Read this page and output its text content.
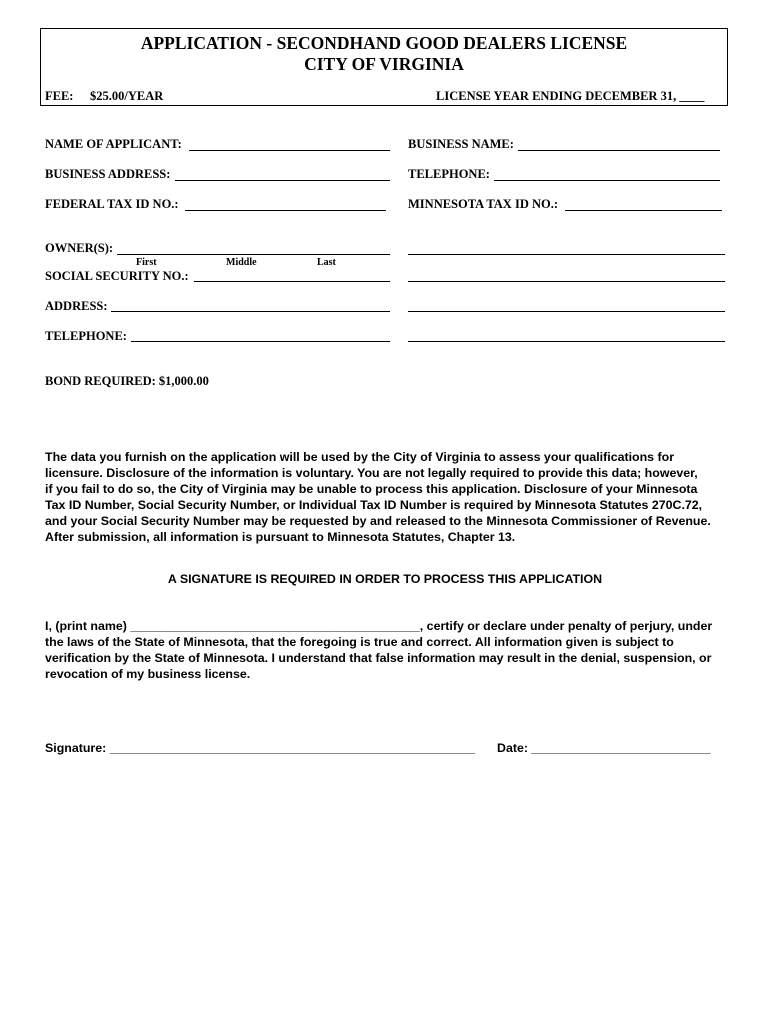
APPLICATION - SECONDHAND GOOD DEALERS LICENSE
CITY OF VIRGINIA
FEE: $25.00/YEAR	LICENSE YEAR ENDING DECEMBER 31, ____
NAME OF APPLICANT:	BUSINESS NAME:
BUSINESS ADDRESS:	TELEPHONE:
FEDERAL TAX ID NO.:	MINNESOTA TAX ID NO.:
OWNER(S):
First	Middle	Last
SOCIAL SECURITY NO.:
ADDRESS:
TELEPHONE:
BOND REQUIRED: $1,000.00

The data you furnish on the application will be used by the City of Virginia to assess your qualifications for

licensure. Disclosure of the information is voluntary. You are not legally required to provide this data; however,

if you fail to do so, the City of Virginia may be unable to process this application. Disclosure of your Minnesota

Tax ID Number, Social Security Number, or Individual Tax ID Number is required by Minnesota Statutes 270C.72,

and your Social Security Number may be requested by and released to the Minnesota Commissioner of Revenue.

After submission, all information is pursuant to Minnesota Statutes, Chapter 13.

A SIGNATURE IS REQUIRED IN ORDER TO PROCESS THIS APPLICATION

I, (print name) __________________________________________, certify or declare under penalty of perjury, under

the laws of the State of Minnesota, that the foregoing is true and correct. All information given is subject to

verification by the State of Minnesota. I understand that false information may result in the denial, suspension, or

revocation of my business license.

Signature: _____________________________________________________ Date: __________________________
